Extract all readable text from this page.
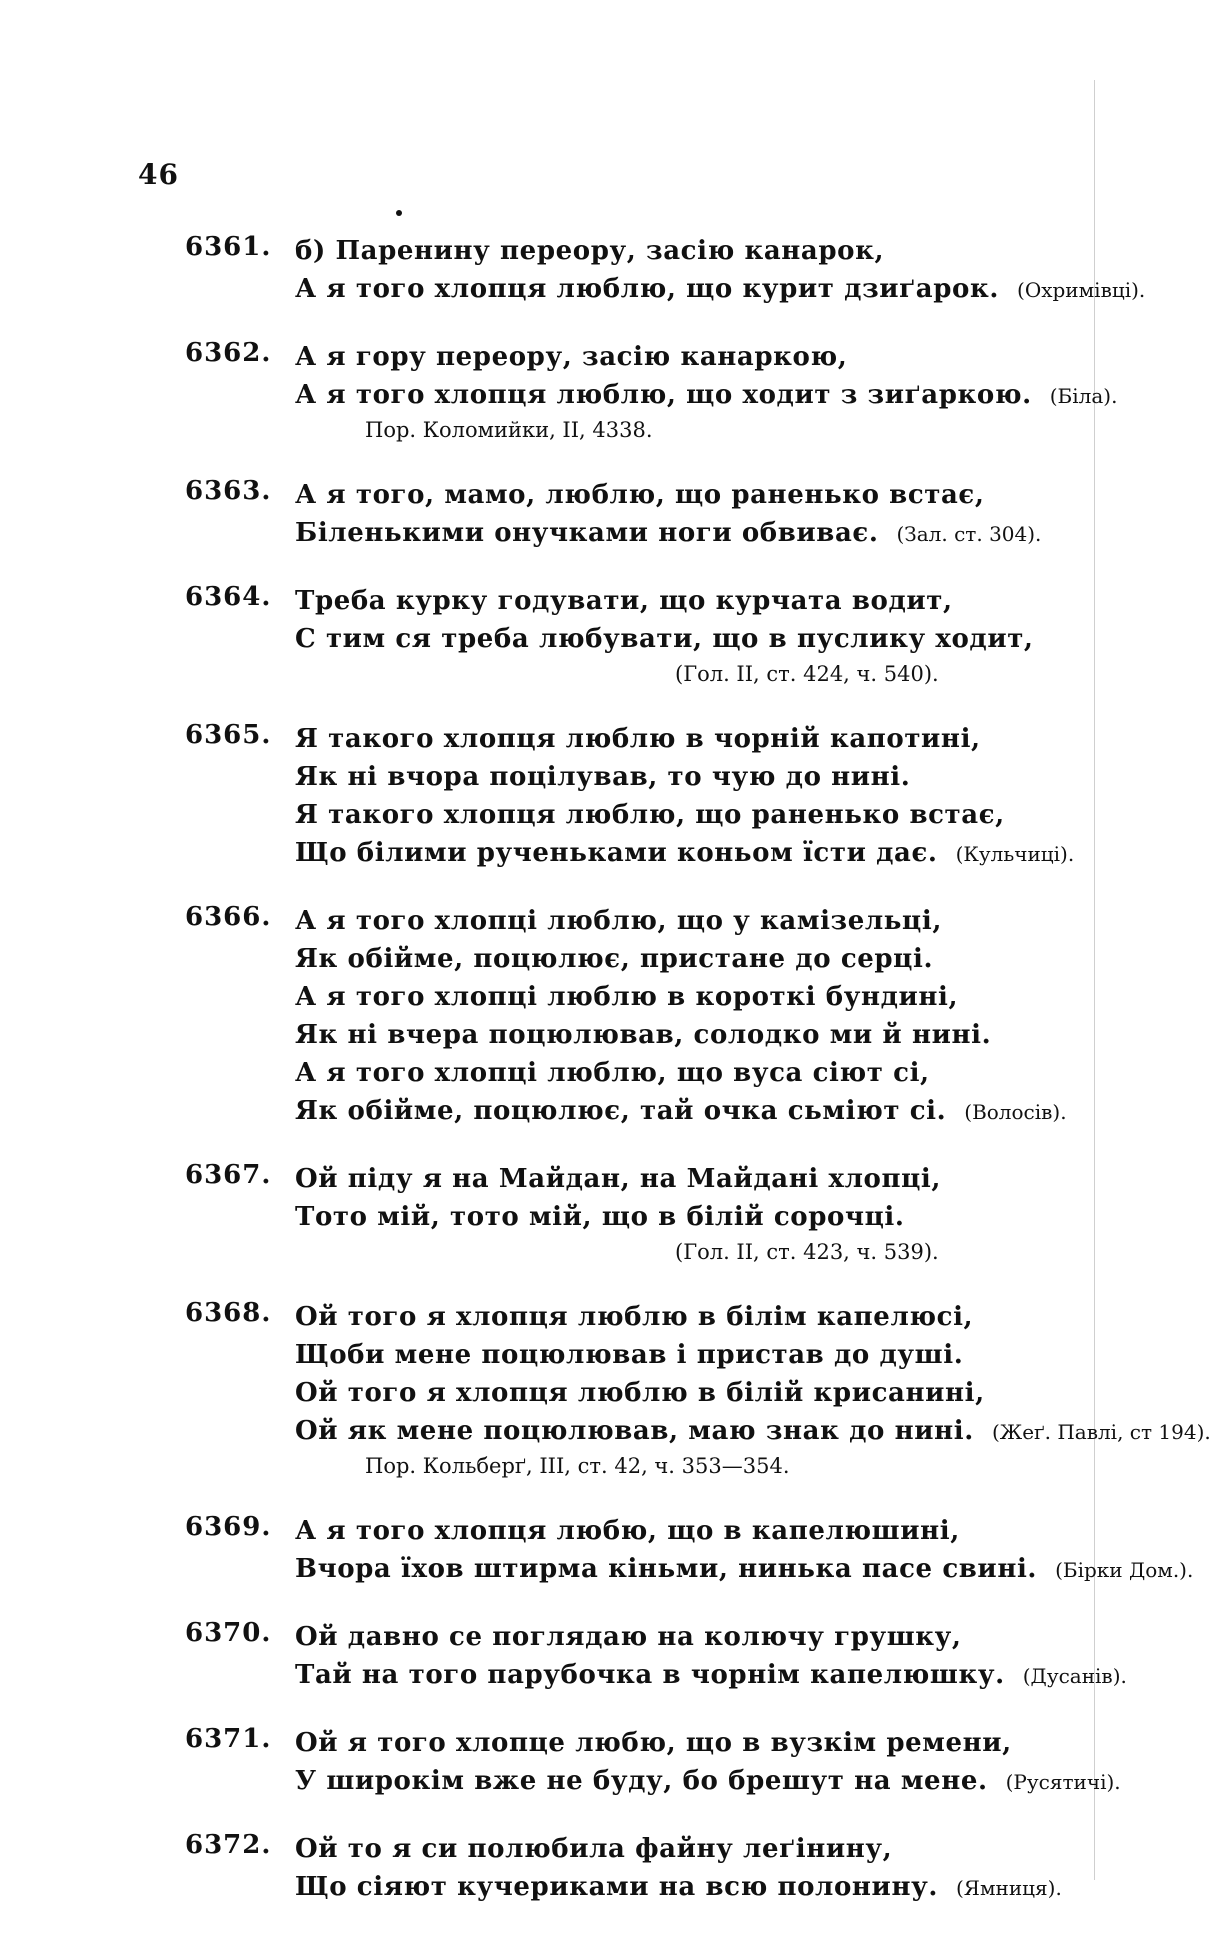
46
6361. б) Паренину переору, засію канарок,
А я того хлопця люблю, що курит дзиґарок. (Охримівці).
6362. А я гору переору, засію канаркою,
А я того хлопця люблю, що ходит з зиґаркою. (Біла).
Пор. Коломийки, II, 4338.
6363. А я того, мамо, люблю, що раненько встає,
Біленькими онучками ноги обвиває. (Зал. ст. 304).
6364. Треба курку годувати, що курчата водит,
С тим ся треба любувати, що в пуслику ходит,
(Гол. II, ст. 424, ч. 540).
6365. Я такого хлопця люблю в чорній капотині,
Як ні вчора поцілував, то чую до нині.
Я такого хлопця люблю, що раненько встає,
Що білими рученьками коньом їсти дає. (Кульчиці).
6366. А я того хлопці люблю, що у камізельці,
Як обійме, поцюлює, пристане до серці.
А я того хлопці люблю в короткі бундині,
Як ні вчера поцюлював, солодко ми й нині.
А я того хлопці люблю, що вуса сіют сі,
Як обійме, поцюлює, тай очка сьміют сі. (Волосів).
6367. Ой піду я на Майдан, на Майдані хлопці,
Тото мій, тото мій, що в білій сорочці.
(Гол. II, ст. 423, ч. 539).
6368. Ой того я хлопця люблю в білім капелюсі,
Щоби мене поцюлював і пристав до душі.
Ой того я хлопця люблю в білій крисанині,
Ой як мене поцюлював, маю знак до нині. (Жеґ. Павлі, ст 194).
Пор. Кольберґ, III, ст. 42, ч. 353—354.
6369. А я того хлопця любю, що в капелюшині,
Вчора їхов штирма кіньми, нинька пасе свині. (Бірки Дом.).
6370. Ой давно се поглядаю на колючу грушку,
Тай на того парубочка в чорнім капелюшку. (Дусанів).
6371. Ой я того хлопце любю, що в вузкім ремени,
У широкім вже не буду, бо брешут на мене. (Русятичі).
6372. Ой то я си полюбила файну леґінину,
Що сіяют кучериками на всю полонину. (Ямниця).
